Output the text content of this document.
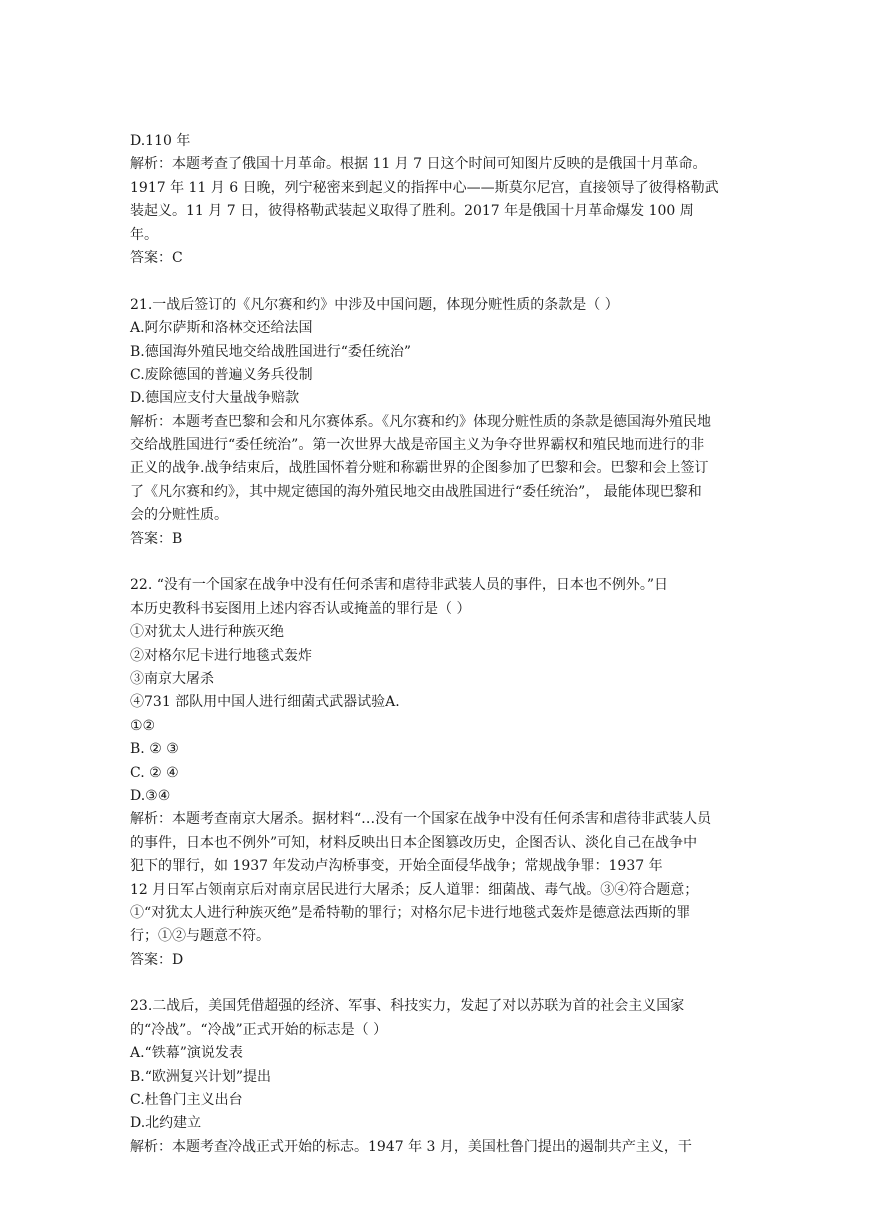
D.110 年
解析：本题考查了俄国十月革命。根据 11 月 7 日这个时间可知图片反映的是俄国十月革命。
1917 年 11 月 6 日晚，列宁秘密来到起义的指挥中心——斯莫尔尼宫，直接领导了彼得格勒武
装起义。11 月 7 日，彼得格勒武装起义取得了胜利。2017 年是俄国十月革命爆发 100 周
年。
答案：C
21.一战后签订的《凡尔赛和约》中涉及中国问题，体现分赃性质的条款是（ ）
A.阿尔萨斯和洛林交还给法国
B.德国海外殖民地交给战胜国进行“委任统治”
C.废除德国的普遍义务兵役制
D.德国应支付大量战争赔款
解析：本题考查巴黎和会和凡尔赛体系。《凡尔赛和约》体现分赃性质的条款是德国海外殖民地
交给战胜国进行“委任统治”。第一次世界大战是帝国主义为争夺世界霸权和殖民地而进行的非
正义的战争.战争结束后，战胜国怀着分赃和称霸世界的企图参加了巴黎和会。巴黎和会上签订
了《凡尔赛和约》，其中规定德国的海外殖民地交由战胜国进行“委任统治”， 最能体现巴黎和
会的分赃性质。
答案：B
22. “没有一个国家在战争中没有任何杀害和虐待非武装人员的事件，日本也不例外。”日
本历史教科书妄图用上述内容否认或掩盖的罪行是（ ）
①对犹太人进行种族灭绝
②对格尔尼卡进行地毯式轰炸
③南京大屠杀
④731 部队用中国人进行细菌式武器试验A.
①②
B. ② ③
C. ② ④
D.③④
解析：本题考查南京大屠杀。据材料“…没有一个国家在战争中没有任何杀害和虐待非武装人员
的事件，日本也不例外”可知，材料反映出日本企图篡改历史，企图否认、淡化自己在战争中
犯下的罪行，如 1937 年发动卢沟桥事变，开始全面侵华战争；常规战争罪：1937 年
12 月日军占领南京后对南京居民进行大屠杀；反人道罪：细菌战、毒气战。③④符合题意；
①“对犹太人进行种族灭绝”是希特勒的罪行；对格尔尼卡进行地毯式轰炸是德意法西斯的罪
行；①②与题意不符。
答案：D
23.二战后，美国凭借超强的经济、军事、科技实力，发起了对以苏联为首的社会主义国家
的“冷战”。“冷战”正式开始的标志是（ ）
A.“铁幕”演说发表
B.“欧洲复兴计划”提出
C.杜鲁门主义出台
D.北约建立
解析：本题考查冷战正式开始的标志。1947 年 3 月，美国杜鲁门提出的遏制共产主义，干
